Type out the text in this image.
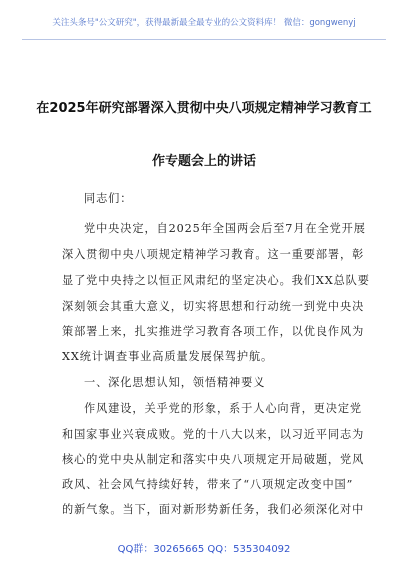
关注头条号"公文研究"，获得最新最全最专业的公文资料库！ 微信：gongwenyj
在2025年研究部署深入贯彻中央八项规定精神学习教育工
作专题会上的讲话
同志们：
党中央决定，自2025年全国两会后至7月在全党开展
深入贯彻中央八项规定精神学习教育。这一重要部署，彰
显了党中央持之以恒正风肃纪的坚定决心。我们XX总队要
深刻领会其重大意义，切实将思想和行动统一到党中央决
策部署上来，扎实推进学习教育各项工作，以优良作风为
XX统计调查事业高质量发展保驾护航。
一、深化思想认知，领悟精神要义
作风建设，关乎党的形象，系于人心向背，更决定党
和国家事业兴衰成败。党的十八大以来，以习近平同志为
核心的党中央从制定和落实中央八项规定开局破题，党风
政风、社会风气持续好转，带来了“八项规定改变中国”
的新气象。当下，面对新形势新任务，我们必须深化对中
QQ群：30265665 QQ：535304092
